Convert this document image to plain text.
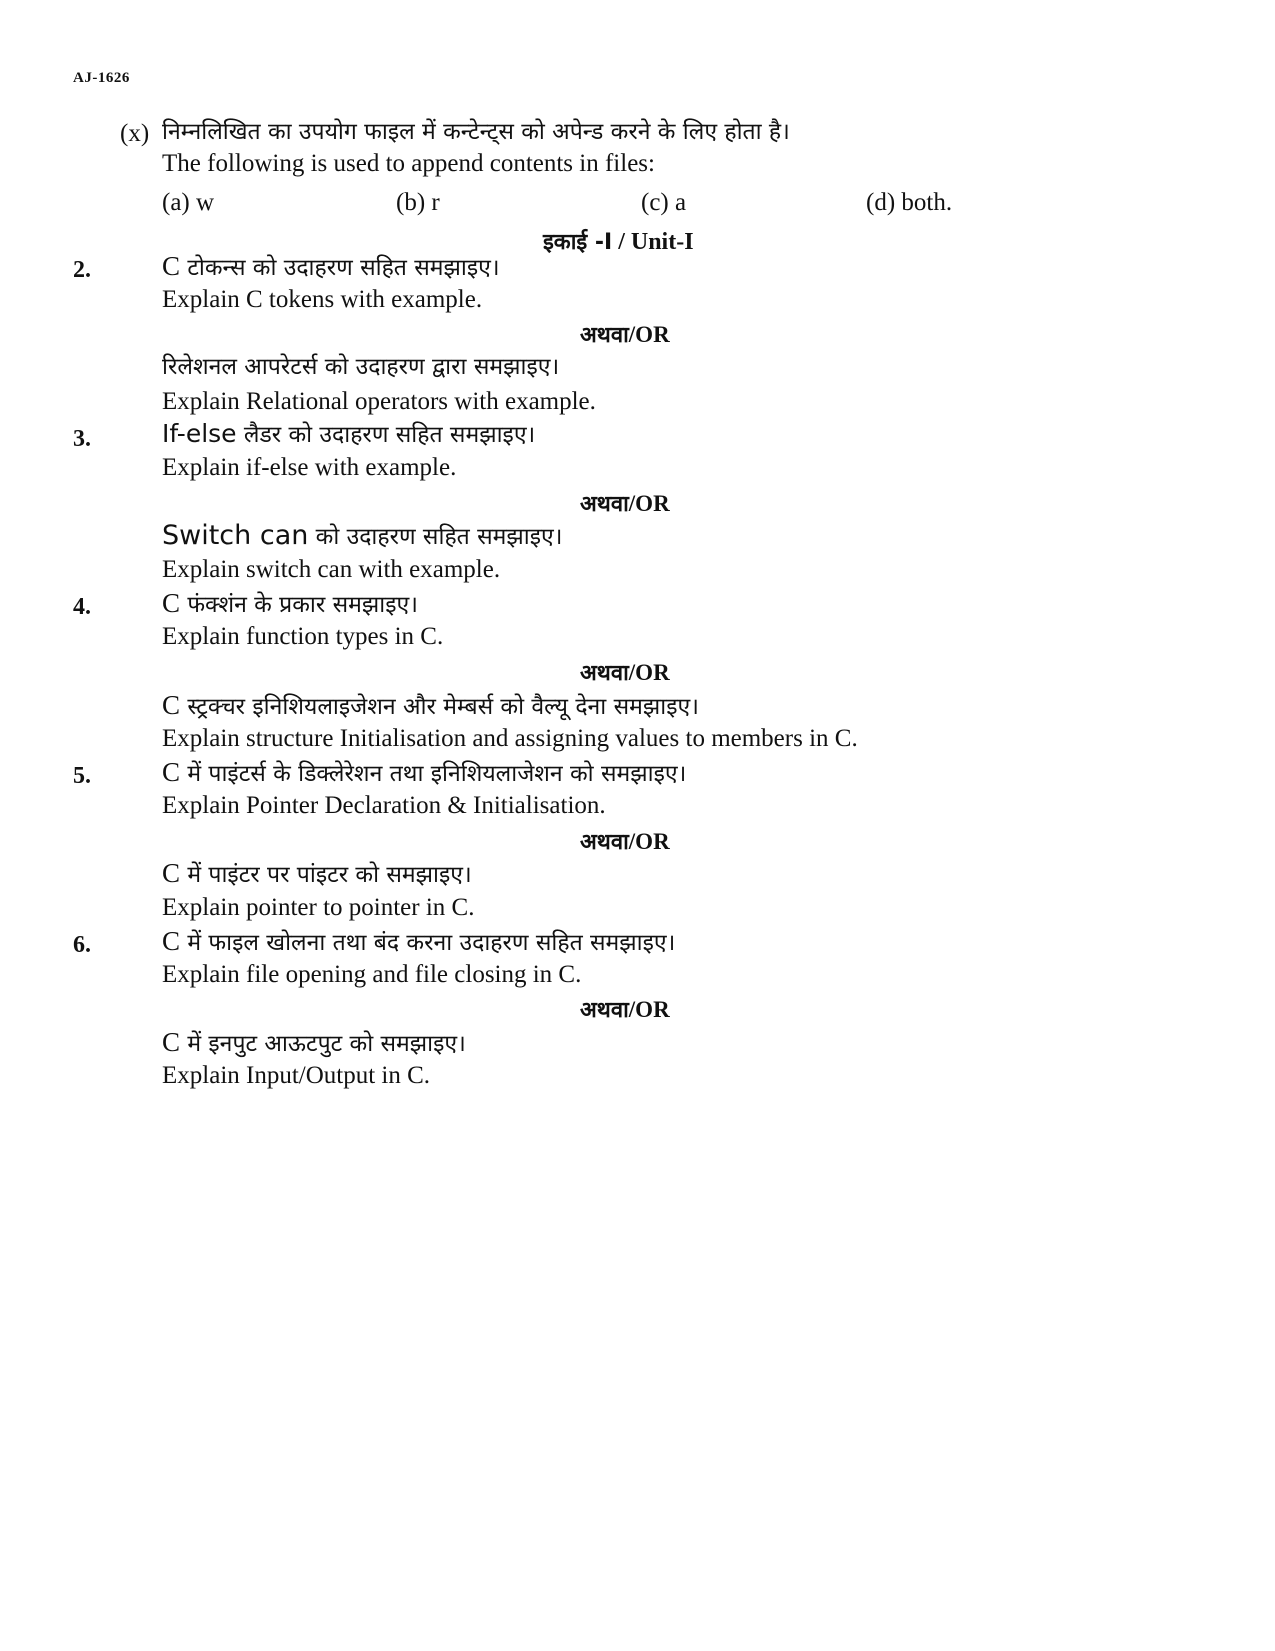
AJ-1626
(x) निम्नलिखित का उपयोग फाइल में कन्टेन्ट्स को अपेन्ड करने के लिए होता है।
The following is used to append contents in files:
(a) w	(b) r	(c) a	(d) both.
इकाई -I / Unit-I
2.	C टोकन्स को उदाहरण सहित समझाइए।
Explain C tokens with example.
अथवा/OR
रिलेशनल आपरेटर्स को उदाहरण द्वारा समझाइए।
Explain Relational operators with example.
3.	If-else लैडर को उदाहरण सहित समझाइए।
Explain if-else with example.
अथवा/OR
Switch can को उदाहरण सहित समझाइए।
Explain switch can with example.
4.	C फंक्शंन के प्रकार समझाइए।
Explain function types in C.
अथवा/OR
C स्ट्रक्चर इनिशियलाइजेशन और मेम्बर्स को वैल्यू देना समझाइए।
Explain structure Initialisation and assigning values to members in C.
5.	C में पाइंटर्स के डिक्लेरेशन तथा इनिशियलाजेशन को समझाइए।
Explain Pointer Declaration & Initialisation.
अथवा/OR
C में पाइंटर पर पांइटर को समझाइए।
Explain pointer to pointer in C.
6.	C में फाइल खोलना तथा बंद करना उदाहरण सहित समझाइए।
Explain file opening and file closing in C.
अथवा/OR
C में इनपुट आऊटपुट को समझाइए।
Explain Input/Output in C.
